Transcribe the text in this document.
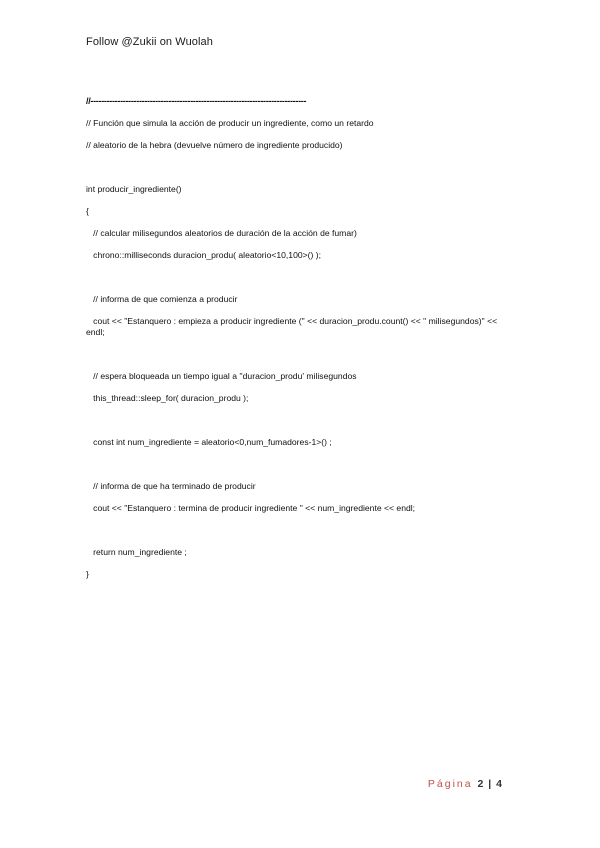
Follow @Zukii on Wuolah
//--------------------------------------------------------------------------------
// Función que simula la acción de producir un ingrediente, como un retardo
// aleatorio de la hebra (devuelve número de ingrediente producido)
int producir_ingrediente()
{
// calcular milisegundos aleatorios de duración de la acción de fumar)
chrono::milliseconds duracion_produ( aleatorio<10,100>() );
// informa de que comienza a producir
cout << "Estanquero : empieza a producir ingrediente (" << duracion_produ.count() << " milisegundos)" << endl;
// espera bloqueada un tiempo igual a ''duracion_produ' milisegundos
this_thread::sleep_for( duracion_produ );
const int num_ingrediente = aleatorio<0,num_fumadores-1>() ;
// informa de que ha terminado de producir
cout << "Estanquero : termina de producir ingrediente " << num_ingrediente << endl;
return num_ingrediente ;
}
Página 2 | 4
